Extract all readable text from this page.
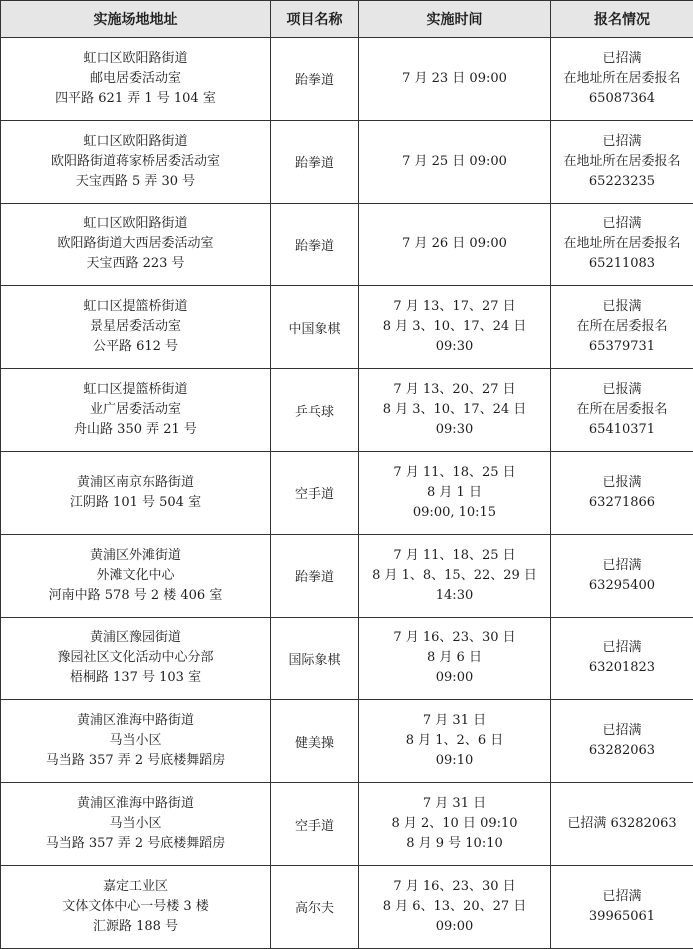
实施场地地址	项目名称	实施时间	报名情况

虹口区欧阳路街道
邮电居委活动室
四平路 621 弄 1 号 104 室	跆拳道	7 月 23 日 09:00	已招满
在地址所在居委报名
65087364

虹口区欧阳路街道
欧阳路街道蒋家桥居委活动室
天宝西路 5 弄 30 号	跆拳道	7 月 25 日 09:00	已招满
在地址所在居委报名
65223235

虹口区欧阳路街道
欧阳路街道大西居委活动室
天宝西路 223 号	跆拳道	7 月 26 日 09:00	已招满
在地址所在居委报名
65211083

虹口区提篮桥街道
景星居委活动室
公平路 612 号	中国象棋	7 月 13、17、27 日
8 月 3、10、17、24 日
09:30	已报满
在所在居委报名
65379731

虹口区提篮桥街道
业广居委活动室
舟山路 350 弄 21 号	乒乓球	7 月 13、20、27 日
8 月 3、10、17、24 日
09:30	已报满
在所在居委报名
65410371

黄浦区南京东路街道
江阴路 101 号 504 室	空手道	7 月 11、18、25 日
8 月 1 日
09:00, 10:15	已报满
63271866

黄浦区外滩街道
外滩文化中心
河南中路 578 号 2 楼 406 室	跆拳道	7 月 11、18、25 日
8 月 1、8、15、22、29 日
14:30	已招满
63295400

黄浦区豫园街道
豫园社区文化活动中心分部
梧桐路 137 号 103 室	国际象棋	7 月 16、23、30 日
8 月 6 日
09:00	已招满
63201823

黄浦区淮海中路街道
马当小区
马当路 357 弄 2 号底楼舞蹈房	健美操	7 月 31 日
8 月 1、2、6 日
09:10	已招满
63282063

黄浦区淮海中路街道
马当小区
马当路 357 弄 2 号底楼舞蹈房	空手道	7 月 31 日
8 月 2、10 日 09:10
8 月 9 号 10:10	已招满 63282063

嘉定工业区
文体文体中心一号楼 3 楼
汇源路 188 号	高尔夫	7 月 16、23、30 日
8 月 6、13、20、27 日
09:00	已招满
39965061
